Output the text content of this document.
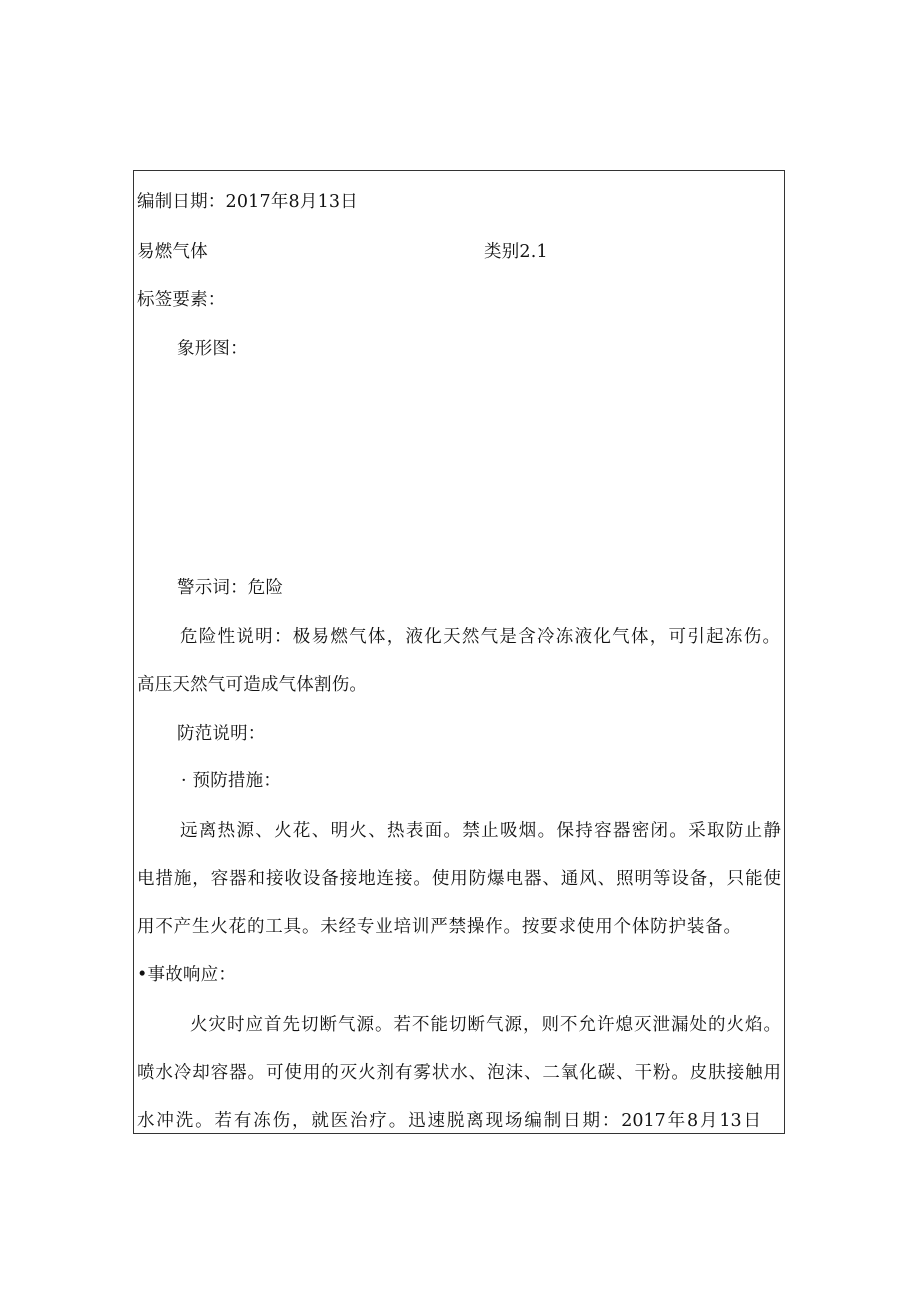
编制日期：2017年8月13日
易燃气体	类别2.1
标签要素：
象形图：
警示词：危险
危险性说明：极易燃气体，液化天然气是含冷冻液化气体，可引起冻伤。
高压天然气可造成气体割伤。
防范说明：
· 预防措施：
远离热源、火花、明火、热表面。禁止吸烟。保持容器密闭。采取防止静
电措施，容器和接收设备接地连接。使用防爆电器、通风、照明等设备，只能使
用不产生火花的工具。未经专业培训严禁操作。按要求使用个体防护装备。
•事故响应：
火灾时应首先切断气源。若不能切断气源，则不允许熄灭泄漏处的火焰。
喷水冷却容器。可使用的灭火剂有雾状水、泡沫、二氧化碳、干粉。皮肤接触用
水冲洗。若有冻伤，就医治疗。迅速脱离现场编制日期：2017年8月13日
